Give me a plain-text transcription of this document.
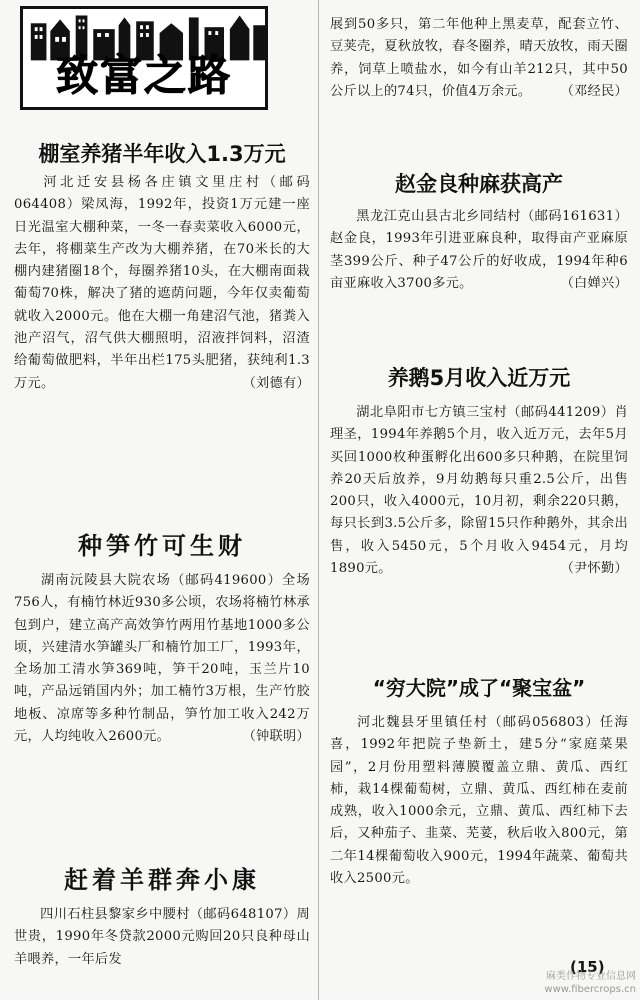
致富之路
棚室养猪半年收入1.3万元

河北迁安县杨各庄镇文里庄村（邮码064408）梁凤海，1992年，投资1万元建一座日光温室大棚种菜，一冬一春卖菜收入6000元，去年，将棚菜生产改为大棚养猪，在70米长的大棚内建猪圈18个，每圈养猪10头，在大棚南面栽葡萄70株，解决了猪的遮荫问题，今年仅卖葡萄就收入2000元。他在大棚一角建沼气池，猪粪入池产沼气，沼气供大棚照明，沼液拌饲料，沼渣给葡萄做肥料，半年出栏175头肥猪，获纯利1.3万元。	（刘德有）

种笋竹可生财

湖南沅陵县大院农场（邮码419600）全场756人，有楠竹林近930多公顷，农场将楠竹林承包到户，建立高产高效笋竹两用竹基地1000多公顷，兴建清水笋罐头厂和楠竹加工厂，1993年，全场加工清水笋369吨，笋干20吨，玉兰片10吨，产品远销国内外；加工楠竹3万根，生产竹胶地板、凉席等多种竹制品，笋竹加工收入242万元，人均纯收入2600元。	（钟联明）

赶着羊群奔小康

四川石柱县黎家乡中腰村（邮码648107）周世贵，1990年冬贷款2000元购回20只良种母山羊喂养，一年后发

展到50多只，第二年他种上黑麦草，配套立竹、豆荚壳，夏秋放牧，春冬圈养，晴天放牧，雨天圈养，饲草上喷盐水，如今有山羊212只，其中50公斤以上的74只，价值4万余元。	（邓经民）

赵金良种麻获高产

黑龙江克山县古北乡同结村（邮码161631）赵金良，1993年引进亚麻良种，取得亩产亚麻原茎399公斤、种子47公斤的好收成，1994年种6亩亚麻收入3700多元。	（白婵兴）

养鹅5月收入近万元

湖北阜阳市七方镇三宝村（邮码441209）肖理圣，1994年养鹅5个月，收入近万元，去年5月买回1000枚种蛋孵化出600多只种鹅，在院里饲养20天后放养，9月幼鹅每只重2.5公斤，出售200只，收入4000元，10月初，剩余220只鹅，每只长到3.5公斤多，除留15只作种鹅外，其余出售，收入5450元，5个月收入9454元，月均1890元。	（尹怀勤）

“穷大院”成了“聚宝盆”

河北魏县牙里镇任村（邮码056803）任海喜，1992年把院子垫新土，建5分“家庭菜果园”，2月份用塑料薄膜覆盖立鼎、黄瓜、西红柿，栽14棵葡萄树，立鼎、黄瓜、西红柿在麦前成熟，收入1000余元，立鼎、黄瓜、西红柿下去后，又种茄子、韭菜、芜荽，秋后收入800元，第二年14棵葡萄收入900元，1994年蔬菜、葡萄共收入2500元。

(15)
麻类作物专业信息网
www.fibercrops.cn
